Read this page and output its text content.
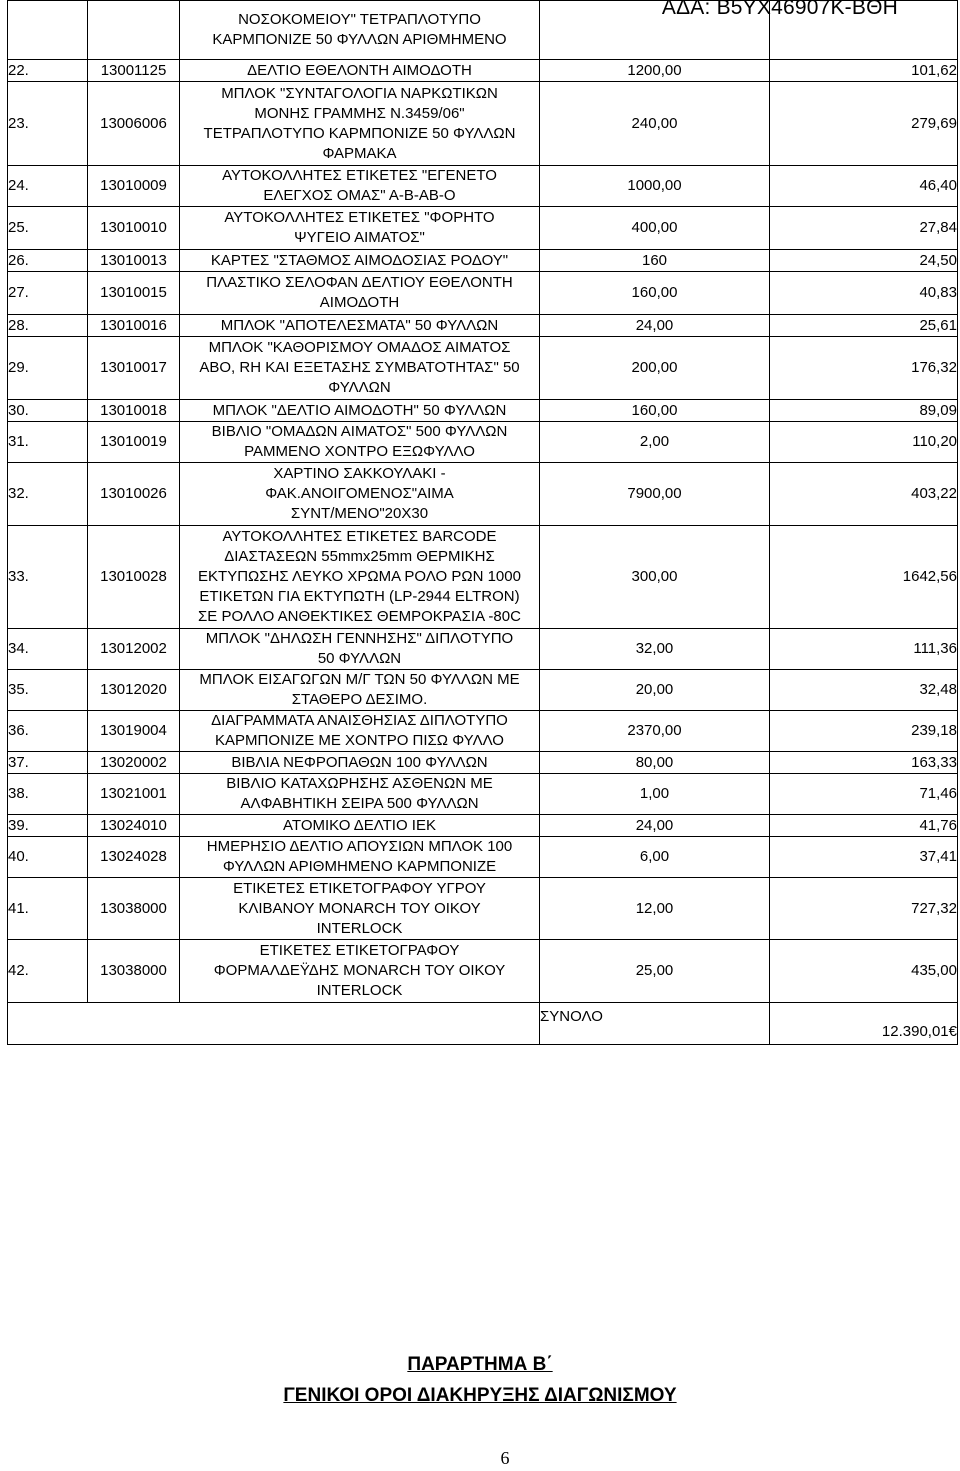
ΑΔΑ: Β5ΥΧ46907Κ-ΒΘΗ
		ΝΟΣΟΚΟΜΕΙΟΥ" ΤΕΤΡΑΠΛΟΤΥΠΟ
ΚΑΡΜΠΟΝΙΖΕ 50 ΦΥΛΛΩΝ ΑΡΙΘΜΗΜΕΝΟ		
22.	13001125	ΔΕΛΤΙΟ ΕΘΕΛΟΝΤΗ ΑΙΜΟΔΟΤΗ	1200,00	101,62
23.	13006006	ΜΠΛΟΚ "ΣΥΝΤΑΓΟΛΟΓΙΑ ΝΑΡΚΩΤΙΚΩΝ
ΜΟΝΗΣ ΓΡΑΜΜΗΣ Ν.3459/06"
ΤΕΤΡΑΠΛΟΤΥΠΟ ΚΑΡΜΠΟΝΙΖΕ 50 ΦΥΛΛΩΝ
ΦΑΡΜΑΚΑ	240,00	279,69
24.	13010009	ΑΥΤΟΚΟΛΛΗΤΕΣ ΕΤΙΚΕΤΕΣ "ΕΓΕΝΕΤΟ
ΕΛΕΓΧΟΣ ΟΜΑΣ" Α-Β-ΑΒ-Ο	1000,00	46,40
25.	13010010	ΑΥΤΟΚΟΛΛΗΤΕΣ ΕΤΙΚΕΤΕΣ "ΦΟΡΗΤΟ
ΨΥΓΕΙΟ ΑΙΜΑΤΟΣ"	400,00	27,84
26.	13010013	ΚΑΡΤΕΣ "ΣΤΑΘΜΟΣ ΑΙΜΟΔΟΣΙΑΣ ΡΟΔΟΥ"	160	24,50
27.	13010015	ΠΛΑΣΤΙΚΟ ΣΕΛΟΦΑΝ ΔΕΛΤΙΟΥ ΕΘΕΛΟΝΤΗ
ΑΙΜΟΔΟΤΗ	160,00	40,83
28.	13010016	ΜΠΛΟΚ "ΑΠΟΤΕΛΕΣΜΑΤΑ" 50 ΦΥΛΛΩΝ	24,00	25,61
29.	13010017	ΜΠΛΟΚ "ΚΑΘΟΡΙΣΜΟΥ ΟΜΑΔΟΣ ΑΙΜΑΤΟΣ
ΑΒΟ, RH ΚΑΙ ΕΞΕΤΑΣΗΣ ΣΥΜΒΑΤΟΤΗΤΑΣ" 50
ΦΥΛΛΩΝ	200,00	176,32
30.	13010018	ΜΠΛΟΚ "ΔΕΛΤΙΟ ΑΙΜΟΔΟΤΗ" 50 ΦΥΛΛΩΝ	160,00	89,09
31.	13010019	ΒΙΒΛΙΟ "ΟΜΑΔΩΝ ΑΙΜΑΤΟΣ" 500 ΦΥΛΛΩΝ
ΡΑΜΜΕΝΟ ΧΟΝΤΡΟ ΕΞΩΦΥΛΛΟ	2,00	110,20
32.	13010026	ΧΑΡΤΙΝΟ ΣΑΚΚΟΥΛΑΚΙ -
ΦΑΚ.ΑΝΟΙΓΟΜΕΝΟΣ"ΑΙΜΑ
ΣΥΝΤ/ΜΕΝΟ"20Χ30	7900,00	403,22
33.	13010028	ΑΥΤΟΚΟΛΛΗΤΕΣ ΕΤΙΚΕΤΕΣ BARCODE
ΔΙΑΣΤΑΣΕΩΝ 55mmx25mm ΘΕΡΜΙΚΗΣ
ΕΚΤΥΠΩΣΗΣ ΛΕΥΚΟ ΧΡΩΜΑ ΡΟΛΟ ΡΩΝ 1000
ΕΤΙΚΕΤΩΝ ΓΙΑ ΕΚΤΥΠΩΤΗ (LP-2944 ELTRON)
ΣΕ ΡΟΛΛΟ ΑΝΘΕΚΤΙΚΕΣ ΘΕΜΡΟΚΡΑΣΙΑ -80C	300,00	1642,56
34.	13012002	ΜΠΛΟΚ "ΔΗΛΩΣΗ ΓΕΝΝΗΣΗΣ" ΔΙΠΛΟΤΥΠΟ
50 ΦΥΛΛΩΝ	32,00	111,36
35.	13012020	ΜΠΛΟΚ ΕΙΣΑΓΩΓΩΝ Μ/Γ ΤΩΝ 50 ΦΥΛΛΩΝ ΜΕ
ΣΤΑΘΕΡΟ ΔΕΣΙΜΟ.	20,00	32,48
36.	13019004	ΔΙΑΓΡΑΜΜΑΤΑ ΑΝΑΙΣΘΗΣΙΑΣ ΔΙΠΛΟΤΥΠΟ
ΚΑΡΜΠΟΝΙΖΕ ΜΕ ΧΟΝΤΡΟ ΠΙΣΩ ΦΥΛΛΟ	2370,00	239,18
37.	13020002	ΒΙΒΛΙΑ ΝΕΦΡΟΠΑΘΩΝ 100 ΦΥΛΛΩΝ	80,00	163,33
38.	13021001	ΒΙΒΛΙΟ ΚΑΤΑΧΩΡΗΣΗΣ ΑΣΘΕΝΩΝ ΜΕ
ΑΛΦΑΒΗΤΙΚΗ ΣΕΙΡΑ 500 ΦΥΛΛΩΝ	1,00	71,46
39.	13024010	ΑΤΟΜΙΚΟ ΔΕΛΤΙΟ ΙΕΚ	24,00	41,76
40.	13024028	ΗΜΕΡΗΣΙΟ ΔΕΛΤΙΟ ΑΠΟΥΣΙΩΝ ΜΠΛΟΚ 100
ΦΥΛΛΩΝ ΑΡΙΘΜΗΜΕΝΟ ΚΑΡΜΠΟΝΙΖΕ	6,00	37,41
41.	13038000	ΕΤΙΚΕΤΕΣ ΕΤΙΚΕΤΟΓΡΑΦΟΥ ΥΓΡΟΥ
ΚΛΙΒΑΝΟΥ MONARCH ΤΟΥ ΟΙΚΟΥ
INTERLOCK	12,00	727,32
42.	13038000	ΕΤΙΚΕΤΕΣ ΕΤΙΚΕΤΟΓΡΑΦΟΥ
ΦΟΡΜΑΛΔΕΫΔΗΣ MONARCH ΤΟΥ ΟΙΚΟΥ
INTERLOCK	25,00	435,00
			ΣΥΝΟΛΟ	12.390,01€
ΠΑΡΑΡΤΗΜΑ Β΄
ΓΕΝΙΚΟΙ ΟΡΟΙ ΔΙΑΚΗΡΥΞΗΣ ΔΙΑΓΩΝΙΣΜΟΥ
6
